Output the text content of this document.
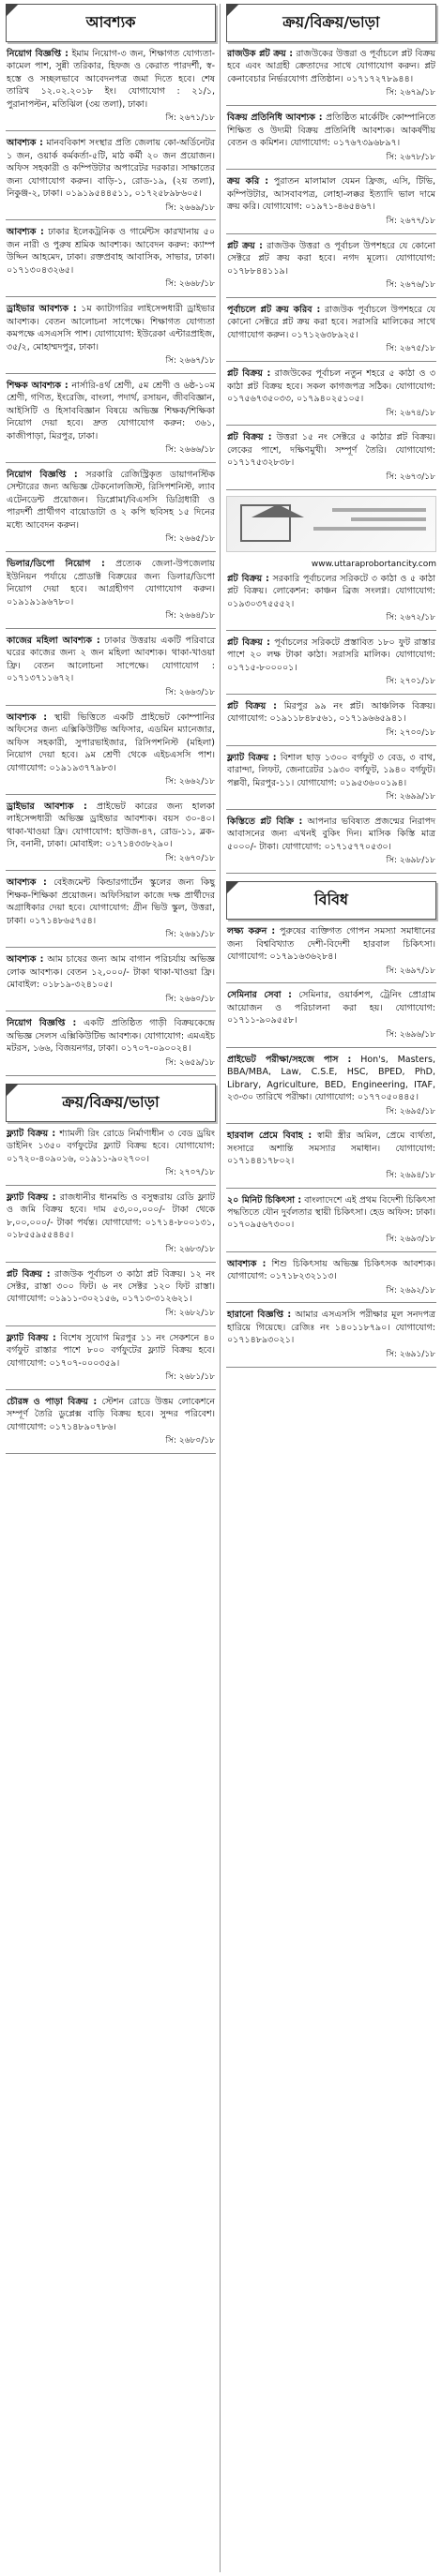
আবশ্যক
নিয়োগ বিজ্ঞপ্তি : ইমাম নিয়োগ-৩ জন, শিক্ষাগত যোগ্যতা-কামেল পাশ, সুন্নী তরিকার, হিফজ ও কেরাত পারদর্শী, স্ব-হস্তে ও সচ্ছলভাবে আবেদনপত্র জমা দিতে হবে। শেষ তারিখ ১২.০২.২০১৮ ইং। যোগাযোগ : ২১/১, পুরানাপল্টন, মতিঝিল (৩য় তলা), ঢাকা।
সি: ২৬৭১/১৮
আবশ্যক : মানববিকাশ সংস্থার প্রতি জেলায় কো-অর্ডিনেটর ১ জন, ওয়ার্ক কর্মকর্তা-৫টি, মাঠ কর্মী ২০ জন প্রয়োজন। অফিস সহকারী ও কম্পিউটার অপারেটর দরকার। সাক্ষাতের জন্য যোগাযোগ করুন। বাড়ি-১, রোড-১৯, (২য় তলা), নিকুঞ্জ-২, ঢাকা। ০১৯১৯৫৪৪৫১১, ০১৭২৫৮৯৮৬০৫।
সি: ২৬৬৯/১৮
আবশ্যক : ঢাকার ইলেকট্রনিক ও গার্মেন্টস কারখানায় ৫০ জন নারী ও পুরুষ শ্রমিক আবশ্যক। আবেদন করুন: ক্যাম্প উদ্দিন আহমেদ, ঢাকা। রক্তপ্রবাহ আবাসিক, সাভার, ঢাকা। ০১৭১৩০৪৩২৬৫।
সি: ২৬৬৮/১৮
ড্রাইভার আবশ্যক : ১ম ক্যাটাগরির লাইসেন্সধারী ড্রাইভার আবশ্যক। বেতন আলোচনা সাপেক্ষে। শিক্ষাগত যোগ্যতা কমপক্ষে এসএসসি পাশ। যোগাযোগ: ইউরেকা এন্টারপ্রাইজ, ৩৫/২, মোহাম্মদপুর, ঢাকা।
সি: ২৬৬৭/১৮
শিক্ষক আবশ্যক : নার্সারি-৪র্থ শ্রেণী, ৫ম শ্রেণী ও ৬ষ্ঠ-১০ম শ্রেণী, গণিত, ইংরেজি, বাংলা, পদার্থ, রসায়ন, জীববিজ্ঞান, আইসিটি ও হিসাববিজ্ঞান বিষয়ে অভিজ্ঞ শিক্ষক/শিক্ষিকা নিয়োগ দেয়া হবে। দ্রুত যোগাযোগ করুন: ৩৬১, কাজীপাড়া, মিরপুর, ঢাকা।
সি: ২৬৬৬/১৮
নিয়োগ বিজ্ঞপ্তি : সরকারি রেজিস্ট্রিকৃত ডায়াগনস্টিক সেন্টারের জন্য অভিজ্ঞ টেকনোলজিস্ট, রিসিপশনিস্ট, ল্যাব এটেনডেন্ট প্রয়োজন। ডিপ্লোমা/বিএসসি ডিগ্রিধারী ও পারদর্শী প্রার্থীগণ বায়োডাটা ও ২ কপি ছবিসহ ১৫ দিনের মধ্যে আবেদন করুন।
সি: ২৬৬৫/১৮
ভিলার/ডিপো নিয়োগ : প্রত্যেক জেলা-উপজেলায় ইউনিয়ন পর্যায়ে প্রোডাক্ট বিক্রয়ের জন্য ডিলার/ডিপো নিয়োগ দেয়া হবে। আগ্রহীগণ যোগাযোগ করুন। ০১৯১৯১৯৬৭৮০।
সি: ২৬৬৪/১৮
কাজের মহিলা আবশ্যক : ঢাকার উত্তরায় একটি পরিবারে ঘরের কাজের জন্য ২ জন মহিলা আবশ্যক। থাকা-খাওয়া ফ্রি। বেতন আলোচনা সাপেক্ষে। যোগাযোগ : ০১৭১৩৭১১৬৭২।
সি: ২৬৬৩/১৮
আবশ্যক : স্থায়ী ভিত্তিতে একটি প্রাইভেট কোম্পানির অফিসের জন্য এক্সিকিউটিভ অফিসার, এডমিন ম্যানেজার, অফিস সহকারী, সুপারভাইজার, রিসিপশনিস্ট (মহিলা) নিয়োগ দেয়া হবে। ৯ম শ্রেণী থেকে এইচএসসি পাশ। যোগাযোগ: ০১৯১৯৩৭৭৯৮৩।
সি: ২৬৬২/১৮
ড্রাইভার আবশ্যক : প্রাইভেট কারের জন্য হালকা লাইসেন্সধারী অভিজ্ঞ ড্রাইভার আবশ্যক। বয়স ৩০-৪০। থাকা-খাওয়া ফ্রি। যোগাযোগ: হাউজ-৪৭, রোড-১১, ব্লক-সি, বনানী, ঢাকা। মোবাইল: ০১৭১৪৩৩৮২৯০।
সি: ২৬৭০/১৮
আবশ্যক : বেইজমেন্ট কিন্ডারগার্টেন স্কুলের জন্য কিছু শিক্ষক-শিক্ষিকা প্রয়োজন। অফিসিয়াল কাজে দক্ষ প্রার্থীদের অগ্রাধিকার দেয়া হবে। যোগাযোগ: গ্রীন ভিউ স্কুল, উত্তরা, ঢাকা। ০১৭১৪৮৬৫৭৫৪।
সি: ২৬৬১/১৮
আবশ্যক : আম চাষের জন্য আম বাগান পরিচর্যায় অভিজ্ঞ লোক আবশ্যক। বেতন ১২,০০০/- টাকা থাকা-খাওয়া ফ্রি। মোবাইল: ০১৮১৯-৩২৪১০৫।
সি: ২৬৬০/১৮
নিয়োগ বিজ্ঞপ্তি : একটি প্রতিষ্ঠিত গাড়ী বিক্রয়কেন্দ্রে অভিজ্ঞ সেলস এক্সিকিউটিভ আবশ্যক। যোগাযোগ: এমএইচ মটরস, ১৬৬, বিজয়নগর, ঢাকা। ০১৭০৭-০৯০০২৪।
সি: ২৬৫৯/১৮
ক্রয়/বিক্রয়/ভাড়া
ফ্ল্যাট বিক্রয় : শ্যামলী রিং রোডে নির্মাণাধীন ৩ বেড ড্রয়িং ডাইনিং ১৩৫০ বর্গফুটের ফ্ল্যাট বিক্রয় হবে। যোগাযোগ: ০১৭২০-৪০৯০১৬, ০১৯১১-৯০২৭০০।
সি: ২৭০৭/১৮
ফ্ল্যাট বিক্রয় : রাজধানীর ধানমন্ডি ও বসুন্ধরায় রেডি ফ্ল্যাট ও জমি বিক্রয় হবে। দাম ৫৩,০০,০০০/- টাকা থেকে ৮,০০,০০০/- টাকা পর্যন্ত। যোগাযোগ: ০১৭১৪-৮০০১৩১, ০১৮৫৫৯৫৫৪৪৫।
সি: ২৬৮৩/১৮
প্লট বিক্রয় : রাজউক পূর্বাচল ৩ কাঠা প্লট বিক্রয়। ১২ নং সেক্টর, রাস্তা ৩০০ ফিট। ৬ নং সেক্টর ১২০ ফিট রাস্তা। যোগাযোগ: ০১৯১১-৩০২১৫৬, ০১৭১৩-৩১২৬২১।
সি: ২৬৮২/১৮
ফ্ল্যাট বিক্রয় : বিশেষ সুযোগ মিরপুর ১১ নং সেকশনে ৪০ বর্গফুট রাস্তার পাশে ৮০০ বর্গফুটের ফ্ল্যাট বিক্রয় হবে। যোগাযোগ: ০১৭০৭-০০০৩৫৯।
সি: ২৬৮১/১৮
চৌরঙ্গ ও পাড়া বিক্রয় : স্টেশন রোডে উত্তম লোকেশনে সম্পূর্ণ তৈরি ডুপ্লেক্স বাড়ি বিক্রয় হবে। সুন্দর পরিবেশ। যোগাযোগ: ০১৭১৪৮৯০৭৮৬।
সি: ২৬৮০/১৮
ক্রয়/বিক্রয়/ভাড়া
রাজউক প্লট ক্রয় : রাজউকের উত্তরা ও পূর্বাচলে প্লট বিক্রয় হবে এবং আগ্রহী ক্রেতাদের সাথে যোগাযোগ করুন। প্লট কেনাবেচার নির্ভরযোগ্য প্রতিষ্ঠান। ০১৭১৭২৭৮৯৪৪।
সি: ২৬৭৯/১৮
বিক্রয় প্রতিনিধি আবশ্যক : প্রতিষ্ঠিত মার্কেটিং কোম্পানিতে শিক্ষিত ও উদ্যমী বিক্রয় প্রতিনিধি আবশ্যক। আকর্ষণীয় বেতন ও কমিশন। যোগাযোগ: ০১৭৬৭৩৯৬৮৯৭।
সি: ২৬৭৮/১৮
ক্রয় করি : পুরাতন মালামাল যেমন ফ্রিজ, এসি, টিভি, কম্পিউটার, আসবাবপত্র, লোহা-লক্কর ইত্যাদি ভাল দামে ক্রয় করি। যোগাযোগ: ০১৯৭১-৪৬৫৪৬৭।
সি: ২৬৭৭/১৮
প্লট ক্রয় : রাজউক উত্তরা ও পূর্বাচল উপশহরে যে কোনো সেক্টরে প্লট ক্রয় করা হবে। নগদ মূল্যে। যোগাযোগ: ০১৭৮৮৪৪১১৯।
সি: ২৬৭৬/১৮
পূর্বাচলে প্লট ক্রয় করিব : রাজউক পূর্বাচলে উপশহরে যে কোনো সেক্টরে প্লট ক্রয় করা হবে। সরাসরি মালিকের সাথে যোগাযোগ করুন। ০১৭১২৬৩৮৯২৫।
সি: ২৬৭৫/১৮
প্লট বিক্রয় : রাজউকের পূর্বাচল নতুন শহরে ৫ কাঠা ও ৩ কাঠা প্লট বিক্রয় হবে। সকল কাগজপত্র সঠিক। যোগাযোগ: ০১৭৫৬৭৩৫০৩৩, ০১৭৯৪০২৫১০৫।
সি: ২৬৭৪/১৮
প্লট বিক্রয় : উত্তরা ১৫ নং সেক্টরে ৫ কাঠার প্লট বিক্রয়। লেকের পাশে, দক্ষিণমুখী। সম্পূর্ণ তৈরি। যোগাযোগ: ০১৭১৭৫৩২৮৩৮।
সি: ২৬৭৩/১৮
www.uttaraprobortancity.com
প্লট বিক্রয় : সরকারি পূর্বাচলের সরিকটে ৩ কাঠা ও ৫ কাঠা প্লট বিক্রয়। লোকেশন: কাঞ্চন ব্রিজ সংলগ্ন। যোগাযোগ: ০১৯৩০৩৭৫৫৫২।
সি: ২৬৭২/১৮
প্লট বিক্রয় : পূর্বাচলের সরিকটে প্রস্তাবিত ১৮০ ফুট রাস্তার পাশে ২০ লক্ষ টাকা কাঠা। সরাসরি মালিক। যোগাযোগ: ০১৭১৫-৮০০০০১।
সি: ২৭০১/১৮
প্লট বিক্রয় : মিরপুর ৯৯ নং প্লট। আঞ্চলিক বিক্রয়। যোগাযোগ: ০১৯১১৮৪৮৫৬১, ০১৭১৯৬৬৫৯৪১।
সি: ২৭০০/১৮
ফ্ল্যাট বিক্রয় : বিশাল ছাড় ১৩০০ বর্গফুট ৩ বেড, ৩ বাথ, বারান্দা, লিফট, জেনারেটর ১৯৩০ বর্গফুট, ১৯৪০ বর্গফুট। পল্লবী, মিরপুর-১১। যোগাযোগ: ০১৯৫৩৬০০১৯৪।
সি: ২৬৯৯/১৮
কিস্তিতে প্লট বিক্রি : আপনার ভবিষ্যত প্রজন্মের নিরাপদ আবাসনের জন্য এখনই বুকিং দিন। মাসিক কিস্তি মাত্র ৫০০০/- টাকা। যোগাযোগ: ০১৭১৫৭৭০৫৩০।
সি: ২৬৯৮/১৮
বিবিধ
লক্ষ্য করুন : পুরুষের ব্যক্তিগত গোপন সমস্যা সমাধানের জন্য বিশ্ববিখ্যাত দেশী-বিদেশী হারবাল চিকিৎসা। যোগাযোগ: ০১৭৯১৬৩৬২৮৪।
সি: ২৬৯৭/১৮
সেমিনার সেবা : সেমিনার, ওয়ার্কশপ, ট্রেনিং প্রোগ্রাম আয়োজন ও পরিচালনা করা হয়। যোগাযোগ: ০১৭১১-৯০৯৫৫৮।
সি: ২৬৯৬/১৮
প্রাইভেট পরীক্ষা/সহজে পাস : Hon's, Masters, BBA/MBA, Law, C.S.E, HSC, BPED, PhD, Library, Agriculture, BED, Engineering, ITAF, ২৩-৩০ তারিখে পরীক্ষা। যোগাযোগ: ০১৭৭০৫০৪৪৫।
সি: ২৬৯৫/১৮
হারবাল প্রেমে বিবাহ : স্বামী স্ত্রীর অমিল, প্রেমে ব্যর্থতা, সংসারে অশান্তি সমস্যার সমাধান। যোগাযোগ: ০১৭১৪৪১৭৮০২।
সি: ২৬৯৪/১৮
২০ মিনিট চিকিৎসা : বাংলাদেশে এই প্রথম বিদেশী চিকিৎসা পদ্ধতিতে যৌন দুর্বলতার স্থায়ী চিকিৎসা। হেড অফিস: ঢাকা। ০১৭০৯৫৬৭৩০০।
সি: ২৬৯৩/১৮
আবশ্যক : শিশু চিকিৎসায় অভিজ্ঞ চিকিৎসক আবশ্যক। যোগাযোগ: ০১৭১৮২৩২১১৩।
সি: ২৬৯২/১৮
হারানো বিজ্ঞপ্তি : আমার এসএসসি পরীক্ষার মূল সনদপত্র হারিয়ে গিয়েছে। রেজিঃ নং ১৪০১১৮৭৯০। যোগাযোগ: ০১৭১৪৮৯৩০২১।
সি: ২৬৯১/১৮
